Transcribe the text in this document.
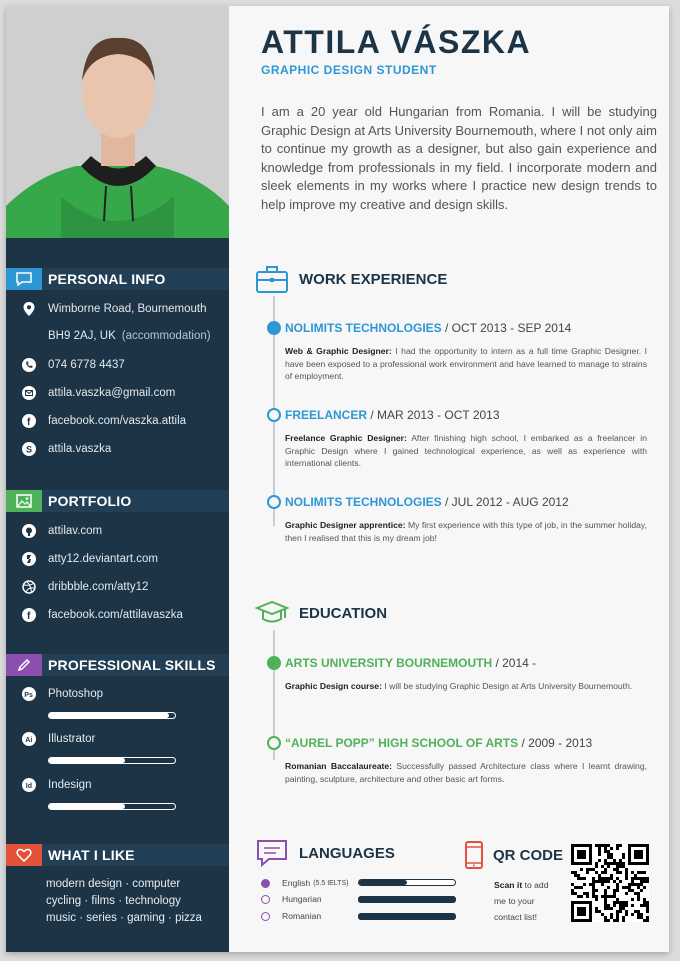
PERSONAL INFO
Wimborne Road, Bournemouth
BH9 2AJ, UK (accommodation)
074 6778 4437
attila.vaszka@gmail.com
f facebook.com/vaszka.attila
S attila.vaszka
PORTFOLIO
attilav.com
atty12.deviantart.com
dribbble.com/atty12
f facebook.com/attilavaszka
PROFESSIONAL SKILLS
Ps Photoshop
Ai Illustrator
Id Indesign
WHAT I LIKE
modern design · computer
cycling · films · technology
music · series · gaming · pizza
ATTILA VÁSZKA
GRAPHIC DESIGN STUDENT
I am a 20 year old Hungarian from Romania. I will be studying Graphic Design at Arts University Bournemouth, where I not only aim to continue my growth as a designer, but also gain experience and knowledge from professionals in my field. I incorporate modern and sleek elements in my works where I practice new design trends to help improve my creative and design skills.
WORK EXPERIENCE
NOLIMITS TECHNOLOGIES / OCT 2013 - SEP 2014
Web & Graphic Designer: I had the opportunity to intern as a full time Graphic Designer. I have been exposed to a professional work environment and have learned to manage to strains of employment.
FREELANCER / MAR 2013 - OCT 2013
Freelance Graphic Designer: After finishing high school, I embarked as a freelancer in Graphic Design where I gained technological experience, as well as experience with international clients.
NOLIMITS TECHNOLOGIES / JUL 2012 - AUG 2012
Graphic Designer apprentice: My first experience with this type of job, in the summer holiday, then I realised that this is my dream job!
EDUCATION
ARTS UNIVERSITY BOURNEMOUTH / 2014 -
Graphic Design course: I will be studying Graphic Design at Arts University Bournemouth.
“AUREL POPP” HIGH SCHOOL OF ARTS / 2009 - 2013
Romanian Baccalaureate: Successfully passed Architecture class where I learnt drawing, painting, sculpture, architecture and other basic art forms.
LANGUAGES
English (5.5 IELTS)
Hungarian
Romanian
QR CODE
Scan it to add
me to your
contact list!
